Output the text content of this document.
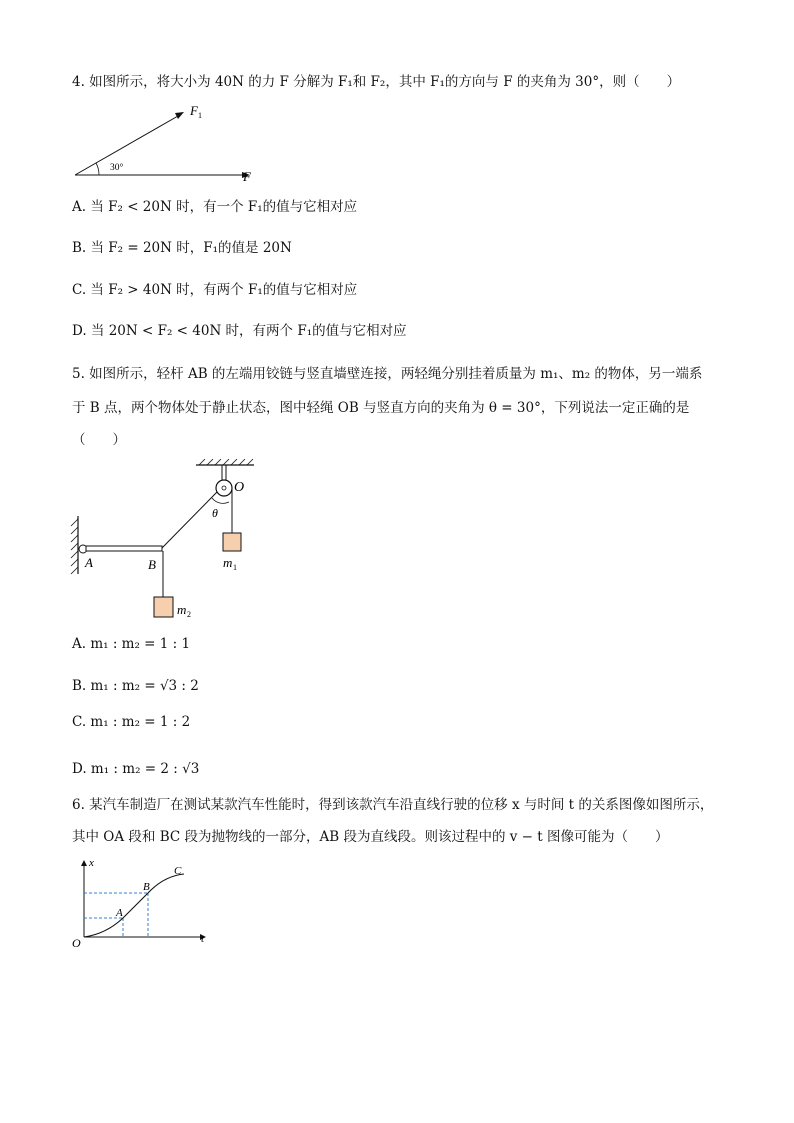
4. 如图所示，将大小为 40N 的力 F 分解为 F₁和 F₂，其中 F₁的方向与 F 的夹角为 30°，则（　　）
30°
F 1
F
A. 当 F₂ < 20N 时，有一个 F₁的值与它相对应
B. 当 F₂ = 20N 时，F₁的值是 20N
C. 当 F₂ > 40N 时，有两个 F₁的值与它相对应
D. 当 20N < F₂ < 40N 时，有两个 F₁的值与它相对应
5. 如图所示，轻杆 AB 的左端用铰链与竖直墙壁连接，两轻绳分别挂着质量为 m₁、m₂ 的物体，另一端系
于 B 点，两个物体处于静止状态，图中轻绳 OB 与竖直方向的夹角为 θ = 30°，下列说法一定正确的是
（　　）
A	B
O
θ
m 1
m 2
A. m₁ : m₂ = 1 : 1
B. m₁ : m₂ = √3 : 2
C. m₁ : m₂ = 1 : 2
D. m₁ : m₂ = 2 : √3
6. 某汽车制造厂在测试某款汽车性能时，得到该款汽车沿直线行驶的位移 x 与时间 t 的关系图像如图所示，
其中 OA 段和 BC 段为抛物线的一部分，AB 段为直线段。则该过程中的 v − t 图像可能为（　　）
x
t
O
A
B
C
